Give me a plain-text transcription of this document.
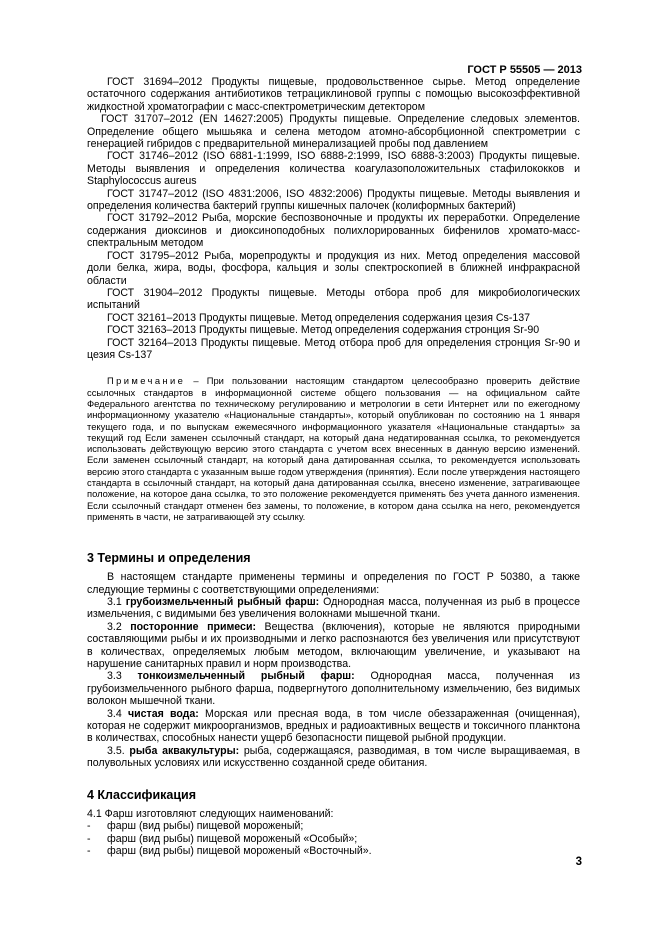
ГОСТ Р 55505 — 2013

ГОСТ 31694–2012 Продукты пищевые, продовольственное сырье. Метод определение остаточного содержания антибиотиков тетрациклиновой группы с помощью высокоэффективной жидкостной хроматографии с масс-спектрометрическим детектором

ГОСТ 31707–2012 (EN 14627:2005) Продукты пищевые. Определение следовых элементов. Определение общего мышьяка и селена методом атомно-абсорбционной спектрометрии с генерацией гибридов с предварительной минерализацией пробы под давлением

ГОСТ 31746–2012 (ISO 6881-1:1999, ISO 6888-2:1999, ISO 6888-3:2003) Продукты пищевые. Методы выявления и определения количества коагулазоположительных стафилококков и Staphylococcus aureus

ГОСТ 31747–2012 (ISO 4831:2006, ISO 4832:2006) Продукты пищевые. Методы выявления и определения количества бактерий группы кишечных палочек (колиформных бактерий)

ГОСТ 31792–2012 Рыба, морские беспозвоночные и продукты их переработки. Определение содержания диоксинов и диоксиноподобных полихлорированных бифенилов хромато-масс-спектральным методом

ГОСТ 31795–2012 Рыба, морепродукты и продукция из них. Метод определения массовой доли белка, жира, воды, фосфора, кальция и золы спектроскопией в ближней инфракрасной области

ГОСТ 31904–2012 Продукты пищевые. Методы отбора проб для микробиологических испытаний

ГОСТ 32161–2013 Продукты пищевые. Метод определения содержания цезия Cs-137

ГОСТ 32163–2013 Продукты пищевые. Метод определения содержания стронция Sr-90

ГОСТ 32164–2013 Продукты пищевые. Метод отбора проб для определения стронция Sr-90 и цезия Cs-137

Примечание – При пользовании настоящим стандартом целесообразно проверить действие ссылочных стандартов в информационной системе общего пользования — на официальном сайте Федерального агентства по техническому регулированию и метрологии в сети Интернет или по ежегодному информационному указателю «Национальные стандарты», который опубликован по состоянию на 1 января текущего года, и по выпускам ежемесячного информационного указателя «Национальные стандарты» за текущий год Если заменен ссылочный стандарт, на который дана недатированная ссылка, то рекомендуется использовать действующую версию этого стандарта с учетом всех внесенных в данную версию изменений. Если заменен ссылочный стандарт, на который дана датированная ссылка, то рекомендуется использовать версию этого стандарта с указанным выше годом утверждения (принятия). Если после утверждения настоящего стандарта в ссылочный стандарт, на который дана датированная ссылка, внесено изменение, затрагивающее положение, на которое дана ссылка, то это положение рекомендуется применять без учета данного изменения. Если ссылочный стандарт отменен без замены, то положение, в котором дана ссылка на него, рекомендуется применять в части, не затрагивающей эту ссылку.

3 Термины и определения

В настоящем стандарте применены термины и определения по ГОСТ Р 50380, а также следующие термины с соответствующими определениями:

3.1 грубоизмельченный рыбный фарш: Однородная масса, полученная из рыб в процессе измельчения, с видимыми без увеличения волокнами мышечной ткани.

3.2 посторонние примеси: Вещества (включения), которые не являются природными составляющими рыбы и их производными и легко распознаются без увеличения или присутствуют в количествах, определяемых любым методом, включающим увеличение, и указывают на нарушение санитарных правил и норм производства.

3.3 тонкоизмельченный рыбный фарш: Однородная масса, полученная из грубоизмельченного рыбного фарша, подвергнутого дополнительному измельчению, без видимых волокон мышечной ткани.

3.4 чистая вода: Морская или пресная вода, в том числе обеззараженная (очищенная), которая не содержит микроорганизмов, вредных и радиоактивных веществ и токсичного планктона в количествах, способных нанести ущерб безопасности пищевой рыбной продукции.

3.5. рыба аквакультуры: рыба, содержащаяся, разводимая, в том числе выращиваемая, в полувольных условиях или искусственно созданной среде обитания.

4 Классификация

4.1 Фарш изготовляют следующих наименований:

-	фарш (вид рыбы) пищевой мороженый;
-	фарш (вид рыбы) пищевой мороженый «Особый»;
-	фарш (вид рыбы) пищевой мороженый «Восточный».
3
